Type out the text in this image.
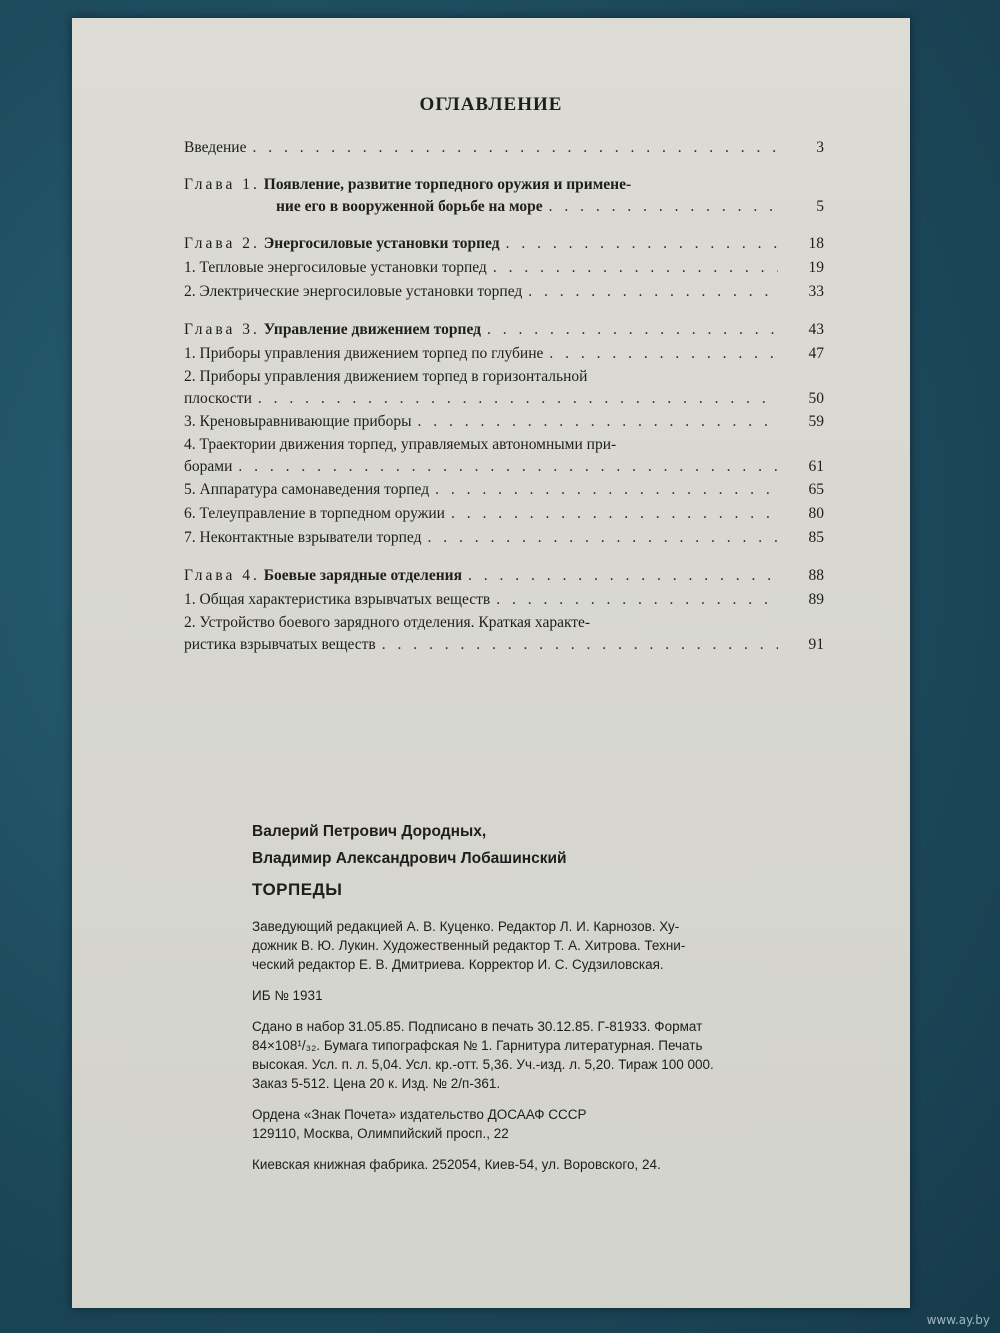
ОГЛАВЛЕНИЕ
Введение . . .	3
Глава 1. Появление, развитие торпедного оружия и примене-
ние его в вооруженной борьбе на море . . .	5
Глава 2. Энергосиловые установки торпед . . .	18
1. Тепловые энергосиловые установки торпед . . .	19
2. Электрические энергосиловые установки торпед . . .	33
Глава 3. Управление движением торпед . . .	43
1. Приборы управления движением торпед по глубине . . .	47
2. Приборы управления движением торпед в горизонтальной
плоскости . . .	50
3. Креновыравнивающие приборы . . .	59
4. Траектории движения торпед, управляемых автономными при-
борами . . .	61
5. Аппаратура самонаведения торпед . . .	65
6. Телеуправление в торпедном оружии . . .	80
7. Неконтактные взрыватели торпед . . .	85
Глава 4. Боевые зарядные отделения . . .	88
1. Общая характеристика взрывчатых веществ . . .	89
2. Устройство боевого зарядного отделения. Краткая характе-
ристика взрывчатых веществ . . .	91
Валерий Петрович Дородных,
Владимир Александрович Лобашинский
ТОРПЕДЫ

Заведующий редакцией А. В. Куценко. Редактор Л. И. Карнозов. Ху-
дожник В. Ю. Лукин. Художественный редактор Т. А. Хитрова. Техни-
ческий редактор Е. В. Дмитриева. Корректор И. С. Судзиловская.

ИБ № 1931

Сдано в набор 31.05.85. Подписано в печать 30.12.85. Г-81933. Формат
84×108¹/₃₂. Бумага типографская № 1. Гарнитура литературная. Печать
высокая. Усл. п. л. 5,04. Усл. кр.-отт. 5,36. Уч.-изд. л. 5,20. Тираж 100 000.
Заказ 5-512. Цена 20 к. Изд. № 2/п-361.

Ордена «Знак Почета» издательство ДОСААФ СССР
129110, Москва, Олимпийский просп., 22

Киевская книжная фабрика. 252054, Киев-54, ул. Воровского, 24.

www.ay.by
